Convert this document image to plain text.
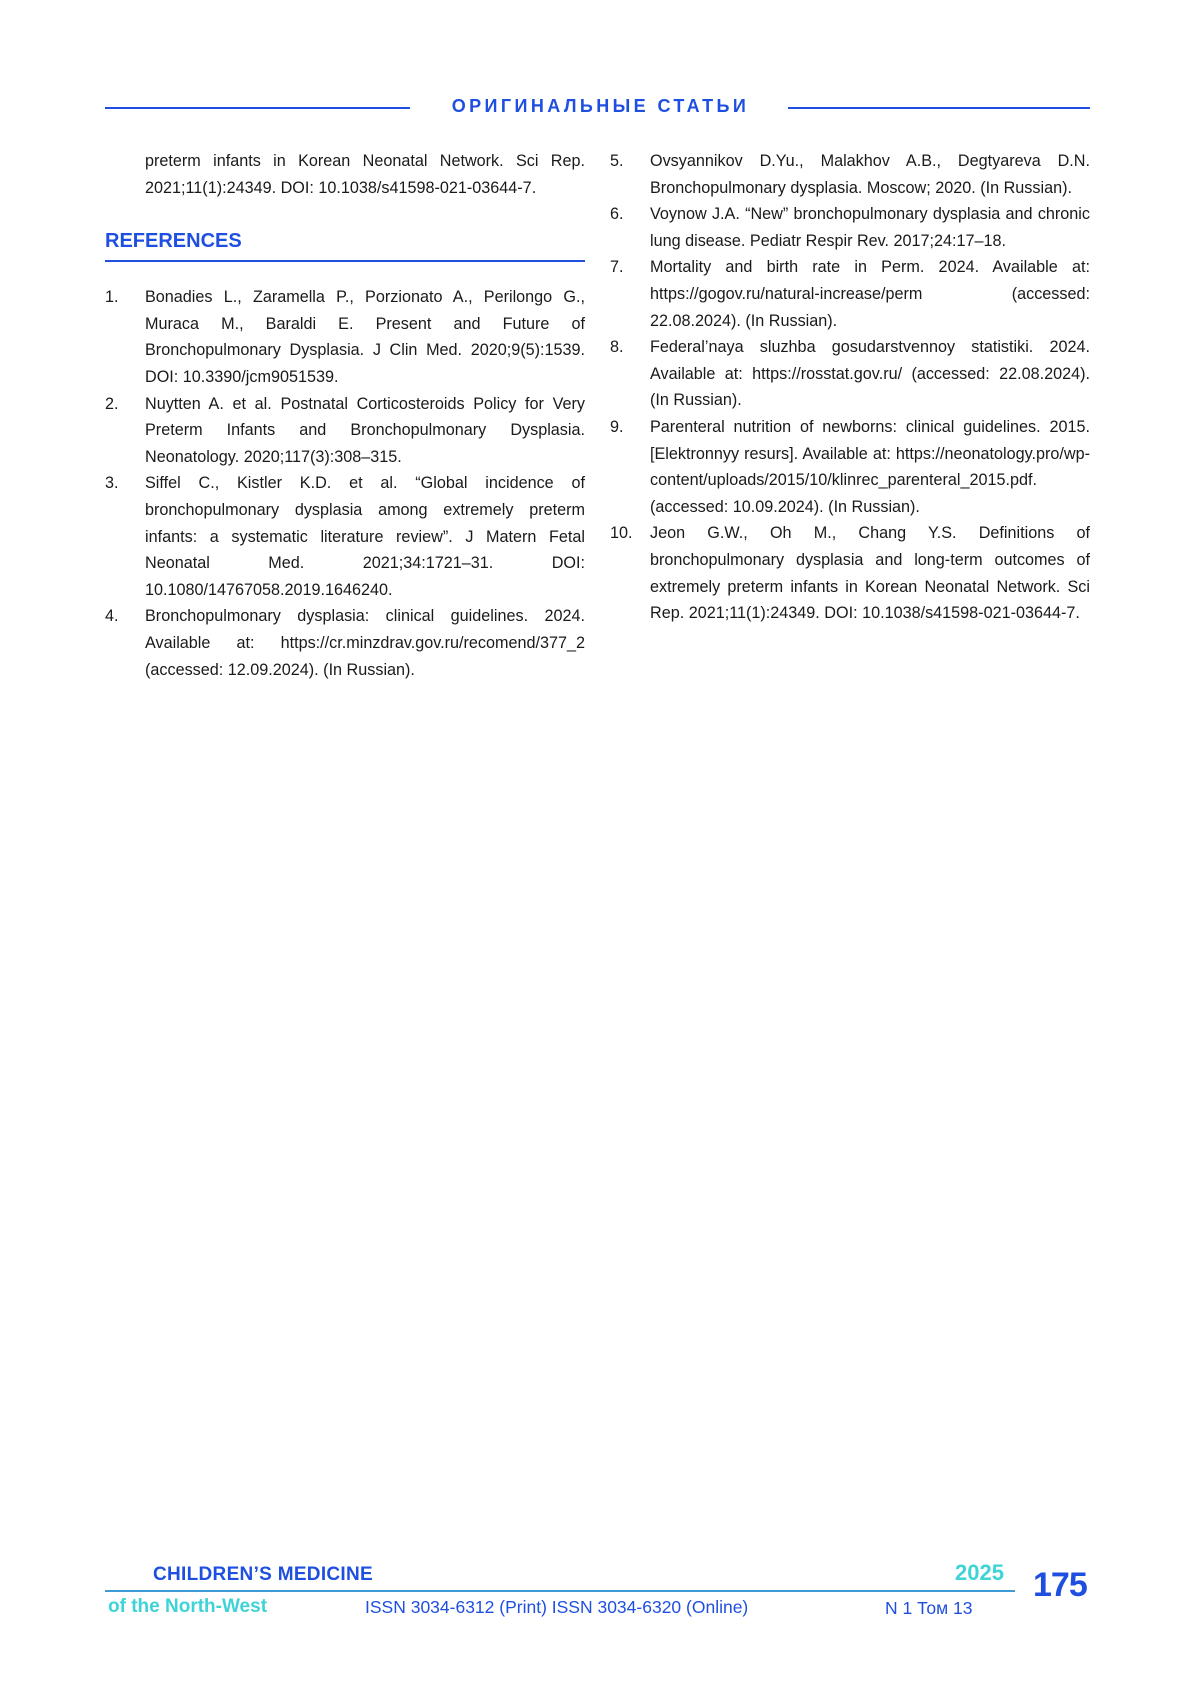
ОРИГИНАЛЬНЫЕ СТАТЬИ
preterm infants in Korean Neonatal Network. Sci Rep. 2021;11(1):24349. DOI: 10.1038/s41598-021-03644-7.
REFERENCES
1. Bonadies L., Zaramella P., Porzionato A., Perilongo G., Muraca M., Baraldi E. Present and Future of Bronchopulmonary Dysplasia. J Clin Med. 2020;9(5):1539. DOI: 10.3390/jcm9051539.
2. Nuytten A. et al. Postnatal Corticosteroids Policy for Very Preterm Infants and Bronchopulmonary Dysplasia. Neonatology. 2020;117(3):308–315.
3. Siffel C., Kistler K.D. et al. “Global incidence of bronchopulmonary dysplasia among extremely preterm infants: a systematic literature review”. J Matern Fetal Neonatal Med. 2021;34:1721–31. DOI: 10.1080/14767058.2019.1646240.
4. Bronchopulmonary dysplasia: clinical guidelines. 2024. Available at: https://cr.minzdrav.gov.ru/recomend/377_2 (accessed: 12.09.2024). (In Russian).
5. Ovsyannikov D.Yu., Malakhov A.B., Degtyareva D.N. Bronchopulmonary dysplasia. Moscow; 2020. (In Russian).
6. Voynow J.A. “New” bronchopulmonary dysplasia and chronic lung disease. Pediatr Respir Rev. 2017;24:17–18.
7. Mortality and birth rate in Perm. 2024. Available at: https://gogov.ru/natural-increase/perm (accessed: 22.08.2024). (In Russian).
8. Federal’naya sluzhba gosudarstvennoy statistiki. 2024. Available at: https://rosstat.gov.ru/ (accessed: 22.08.2024). (In Russian).
9. Parenteral nutrition of newborns: clinical guidelines. 2015. [Elektronnyy resurs]. Available at: https://neonatology.pro/wp-content/uploads/2015/10/klinrec_parenteral_2015.pdf. (accessed: 10.09.2024). (In Russian).
10. Jeon G.W., Oh M., Chang Y.S. Definitions of bronchopulmonary dysplasia and long-term outcomes of extremely preterm infants in Korean Neonatal Network. Sci Rep. 2021;11(1):24349. DOI: 10.1038/s41598-021-03644-7.
CHILDREN’S MEDICINE	2025
of the North-West	ISSN 3034-6312 (Print) ISSN 3034-6320 (Online)	N 1 Том 13
175
